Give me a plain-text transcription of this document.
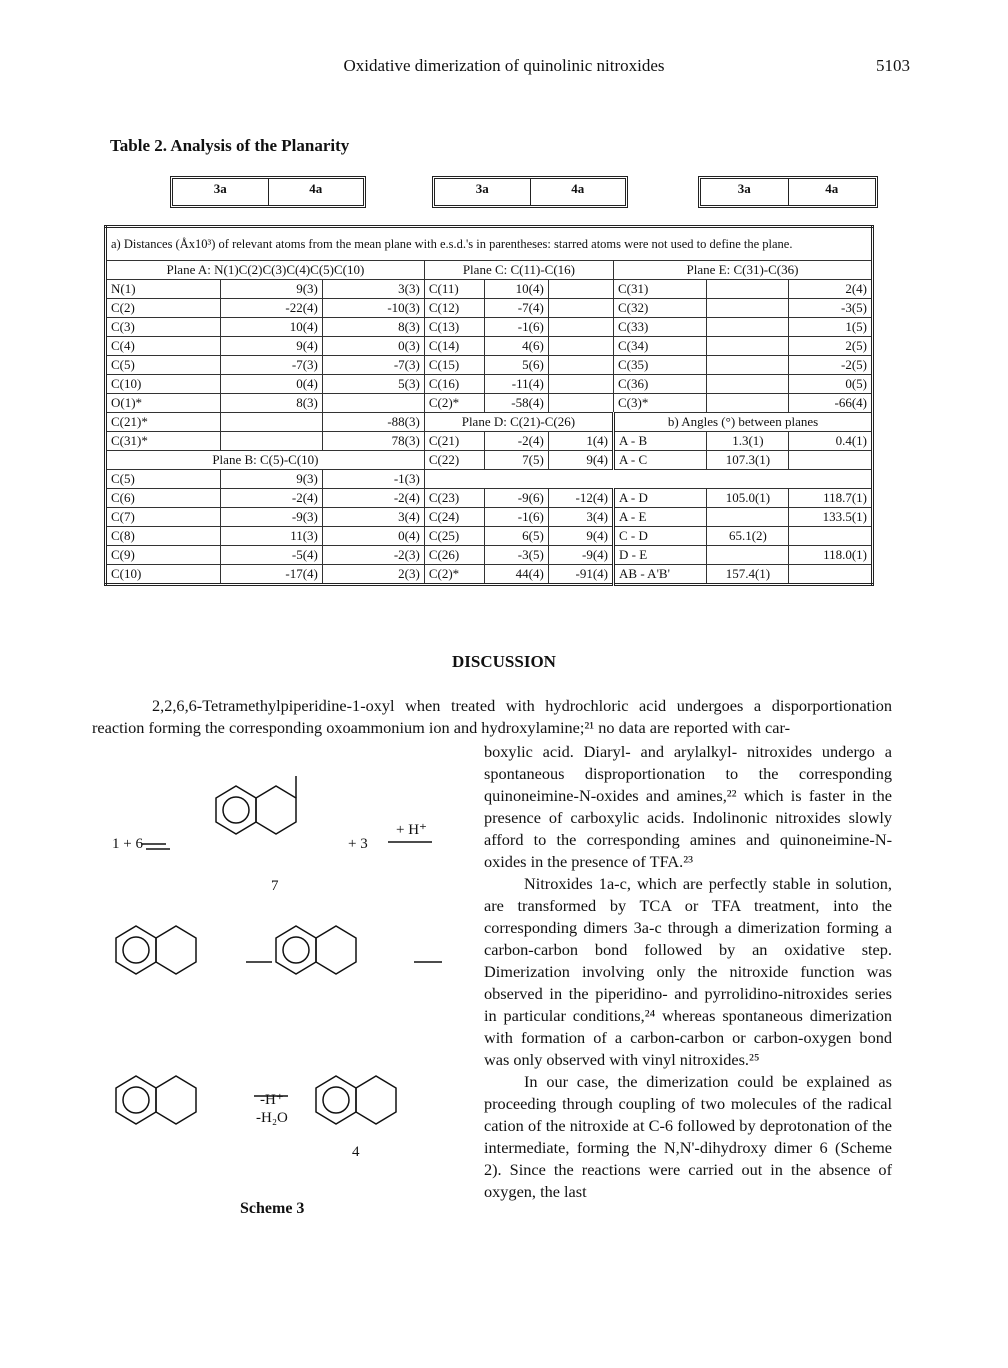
Oxidative dimerization of quinolinic nitroxides	5103
Table 2. Analysis of the Planarity
3a	4a	3a	4a	3a	4a
a) Distances (Åx10³) of relevant atoms from the mean plane with e.s.d.'s in parentheses: starred atoms were not used to define the plane.								
Plane A: N(1)C(2)C(3)C(4)C(5)C(10)			Plane C: C(11)-C(16)			Plane E: C(31)-C(36)		
N(1)	9(3)	3(3)	C(11)	10(4)		C(31)		2(4)
C(2)	-22(4)	-10(3)	C(12)	-7(4)		C(32)		-3(5)
C(3)	10(4)	8(3)	C(13)	-1(6)		C(33)		1(5)
C(4)	9(4)	0(3)	C(14)	4(6)		C(34)		2(5)
C(5)	-7(3)	-7(3)	C(15)	5(6)		C(35)		-2(5)
C(10)	0(4)	5(3)	C(16)	-11(4)		C(36)		0(5)
O(1)*	8(3)		C(2)*	-58(4)		C(3)*		-66(4)
C(21)*		-88(3)	Plane D: C(21)-C(26)			b) Angles (°) between planes		
C(31)*		78(3)	C(21)	-2(4)	1(4)	A - B	1.3(1)	0.4(1)
Plane B: C(5)-C(10)			C(22)	7(5)	9(4)	A - C	107.3(1)	
C(5)	9(3)	-1(3)					
C(6)	-2(4)	-2(4)	C(23)	-9(6)	-12(4)	A - D	105.0(1)	118.7(1)
C(7)	-9(3)	3(4)	C(24)	-1(6)	3(4)	A - E		133.5(1)
C(8)	11(3)	0(4)	C(25)	6(5)	9(4)	C - D	65.1(2)	
C(9)	-5(4)	-2(3)	C(26)	-3(5)	-9(4)	D - E		118.0(1)
C(10)	-17(4)	2(3)	C(2)*	44(4)	-91(4)	AB - A'B'	157.4(1)	
DISCUSSION
2,2,6,6-Tetramethylpiperidine-1-oxyl when treated with hydrochloric acid undergoes a disporportionation reaction forming the corresponding oxoammonium ion and hydroxylamine;²¹ no data are reported with car-

boxylic acid. Diaryl- and arylalkyl- nitroxides undergo a spontaneous disproportionation to the corresponding quinoneimine-N-oxides and amines,²² which is faster in the presence of carboxylic acids. Indolinonic nitroxides slowly afford to the corresponding amines and quinoneimine-N-oxides in the presence of TFA.²³

Nitroxides 1a-c, which are perfectly stable in solution, are transformed by TCA or TFA treatment, into the corresponding dimers 3a-c through a dimerization forming a carbon-carbon bond followed by an oxidative step. Dimerization involving only the nitroxide function was observed in the piperidino- and pyrrolidino-nitroxides series in particular conditions,²⁴ whereas spontaneous dimerization with formation of a carbon-carbon or carbon-oxygen bond was only observed with vinyl nitroxides.²⁵

In our case, the dimerization could be explained as proceeding through coupling of two molecules of the radical cation of the nitroxide at C-6 followed by deprotonation of the intermediate, forming the N,N'-dihydroxy dimer 6 (Scheme 2). Since the reactions were carried out in the absence of oxygen, the last

1 + 6	+ 3
+ H⁺
7
-H⁺
-H₂O
4
Scheme 3
